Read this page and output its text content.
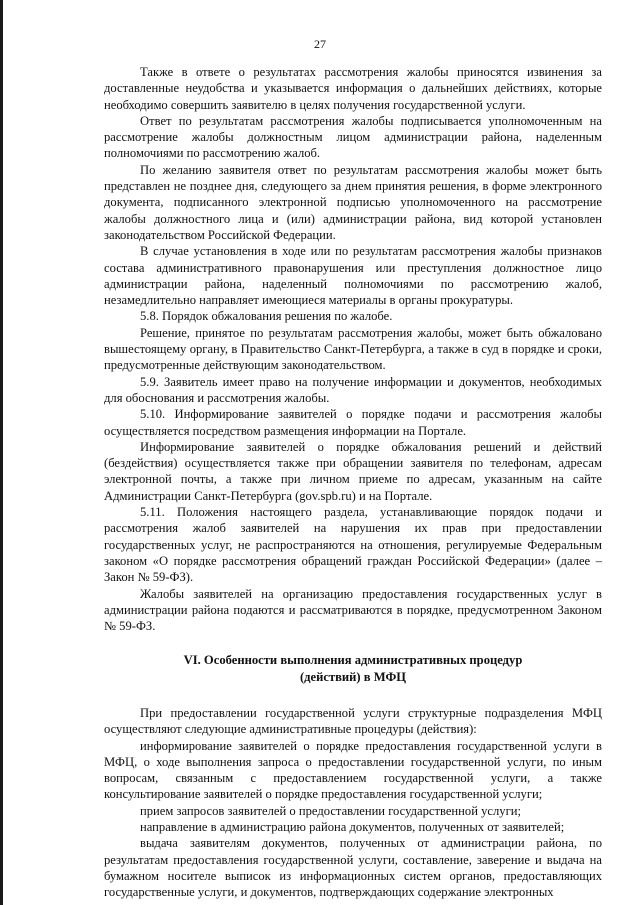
27

Также в ответе о результатах рассмотрения жалобы приносятся извинения за доставленные неудобства и указывается информация о дальнейших действиях, которые необходимо совершить заявителю в целях получения государственной услуги.

Ответ по результатам рассмотрения жалобы подписывается уполномоченным на рассмотрение жалобы должностным лицом администрации района, наделенным полномочиями по рассмотрению жалоб.

По желанию заявителя ответ по результатам рассмотрения жалобы может быть представлен не позднее дня, следующего за днем принятия решения, в форме электронного документа, подписанного электронной подписью уполномоченного на рассмотрение жалобы должностного лица и (или) администрации района, вид которой установлен законодательством Российской Федерации.

В случае установления в ходе или по результатам рассмотрения жалобы признаков состава административного правонарушения или преступления должностное лицо администрации района, наделенный полномочиями по рассмотрению жалоб, незамедлительно направляет имеющиеся материалы в органы прокуратуры.

5.8. Порядок обжалования решения по жалобе.

Решение, принятое по результатам рассмотрения жалобы, может быть обжаловано вышестоящему органу, в Правительство Санкт-Петербурга, а также в суд в порядке и сроки, предусмотренные действующим законодательством.

5.9. Заявитель имеет право на получение информации и документов, необходимых для обоснования и рассмотрения жалобы.

5.10. Информирование заявителей о порядке подачи и рассмотрения жалобы осуществляется посредством размещения информации на Портале.

Информирование заявителей о порядке обжалования решений и действий (бездействия) осуществляется также при обращении заявителя по телефонам, адресам электронной почты, а также при личном приеме по адресам, указанным на сайте Администрации Санкт-Петербурга (gov.spb.ru) и на Портале.

5.11. Положения настоящего раздела, устанавливающие порядок подачи и рассмотрения жалоб заявителей на нарушения их прав при предоставлении государственных услуг, не распространяются на отношения, регулируемые Федеральным законом «О порядке рассмотрения обращений граждан Российской Федерации» (далее – Закон № 59-ФЗ).

Жалобы заявителей на организацию предоставления государственных услуг в администрации района подаются и рассматриваются в порядке, предусмотренном Законом № 59-ФЗ.

VI. Особенности выполнения административных процедур
(действий) в МФЦ

При предоставлении государственной услуги структурные подразделения МФЦ осуществляют следующие административные процедуры (действия):

информирование заявителей о порядке предоставления государственной услуги в МФЦ, о ходе выполнения запроса о предоставлении государственной услуги, по иным вопросам, связанным с предоставлением государственной услуги, а также консультирование заявителей о порядке предоставления государственной услуги;

прием запросов заявителей о предоставлении государственной услуги;

направление в администрацию района документов, полученных от заявителей;

выдача заявителям документов, полученных от администрации района, по результатам предоставления государственной услуги, составление, заверение и выдача на бумажном носителе выписок из информационных систем органов, предоставляющих государственные услуги, и документов, подтверждающих содержание электронных
